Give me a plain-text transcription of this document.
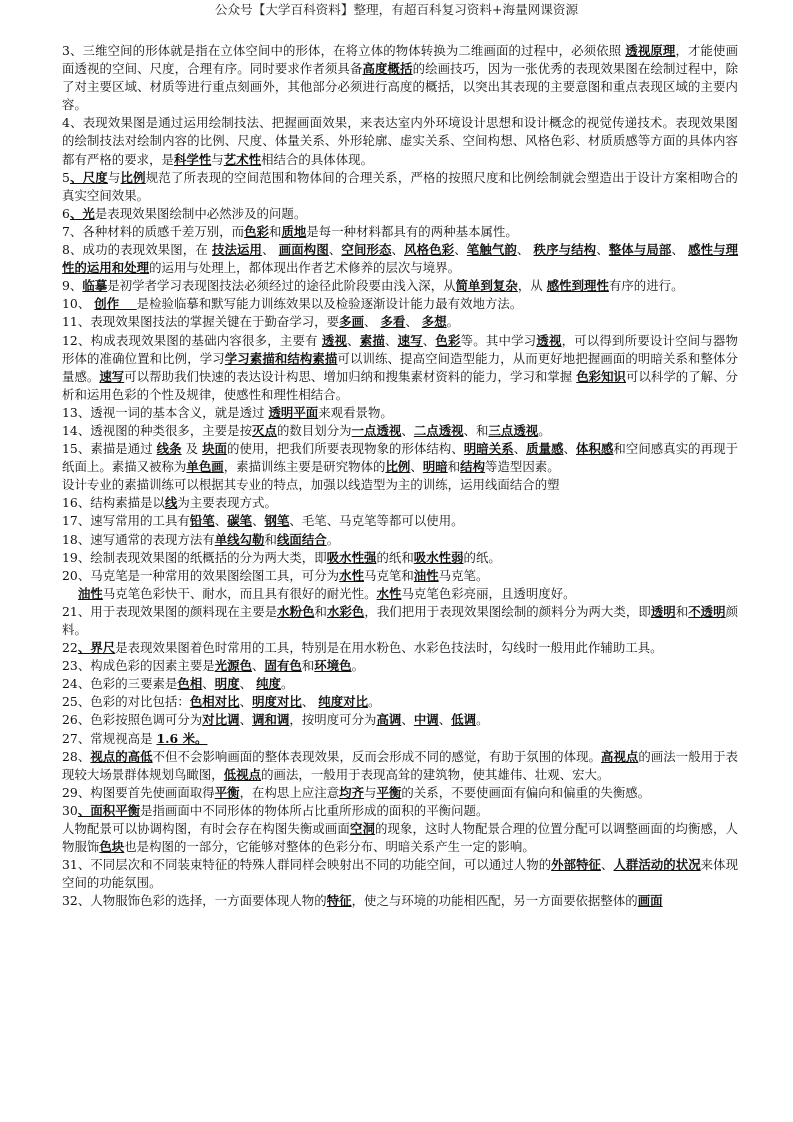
公众号【大学百科资料】整理，有超百科复习资料+海量网课资源

3、三维空间的形体就是指在立体空间中的形体，在将立体的物体转换为二维画面的过程中，必须依照 透视原理，才能使画面透视的空间、尺度，合理有序。同时要求作者须具备高度概括的绘画技巧，因为一张优秀的表现效果图在绘制过程中，除了对主要区域、材质等进行重点刻画外，其他部分必须进行高度的概括，以突出其表现的主要意图和重点表现区域的主要内容。

4、表现效果图是通过运用绘制技法、把握画面效果，来表达室内外环境设计思想和设计概念的视觉传递技术。表现效果图的绘制技法对绘制内容的比例、尺度、体量关系、外形轮廓、虚实关系、空间构想、风格色彩、材质质感等方面的具体内容都有严格的要求，是科学性与艺术性相结合的具体体现。

5、尺度与比例规范了所表现的空间范围和物体间的合理关系，严格的按照尺度和比例绘制就会塑造出于设计方案相吻合的真实空间效果。

6、光是表现效果图绘制中必然涉及的问题。

7、各种材料的质感千差万别，而色彩和质地是每一种材料都具有的两种基本属性。

8、成功的表现效果图，在 技法运用、 画面构图、空间形态、风格色彩、笔触气韵、 秩序与结构、整体与局部、 感性与理性的运用和处理的运用与处理上，都体现出作者艺术修养的层次与境界。

9、临摹是初学者学习表现图技法必须经过的途径此阶段要由浅入深，从简单到复杂，从 感性到理性有序的进行。

10、 创作    是检验临摹和默写能力训练效果以及检验逐渐设计能力最有效地方法。

11、表现效果图技法的掌握关键在于勤奋学习，要多画、 多看、 多想。

12、构成表现效果图的基础内容很多，主要有 透视、素描、速写、色彩等。其中学习透视，可以得到所要设计空间与器物形体的准确位置和比例，学习学习素描和结构素描可以训练、提高空间造型能力，从而更好地把握画面的明暗关系和整体分量感。速写可以帮助我们快速的表达设计构思、增加归纳和搜集素材资料的能力，学习和掌握 色彩知识可以科学的了解、分析和运用色彩的个性及规律，使感性和理性相结合。

13、透视一词的基本含义，就是透过 透明平面来观看景物。

14、透视图的种类很多，主要是按灭点的数目划分为一点透视、二点透视、和三点透视。

15、素描是通过 线条 及 块面的使用，把我们所要表现物象的形体结构、明暗关系、质量感、体积感和空间感真实的再现于纸面上。素描又被称为单色画，素描训练主要是研究物体的比例、明暗和结构等造型因素。

设计专业的素描训练可以根据其专业的特点，加强以线造型为主的训练，运用线面结合的塑

16、结构素描是以线为主要表现方式。

17、速写常用的工具有铅笔、碳笔、钢笔、毛笔、马克笔等都可以使用。

18、速写通常的表现方法有单线勾勒和线面结合。

19、绘制表现效果图的纸概括的分为两大类，即吸水性强的纸和吸水性弱的纸。

20、马克笔是一种常用的效果图绘图工具，可分为水性马克笔和油性马克笔。

油性马克笔色彩快干、耐水，而且具有很好的耐光性。水性马克笔色彩亮丽，且透明度好。

21、用于表现效果图的颜料现在主要是水粉色和水彩色，我们把用于表现效果图绘制的颜料分为两大类，即透明和不透明颜料。

22、界尺是表现效果图着色时常用的工具，特别是在用水粉色、水彩色技法时，勾线时一般用此作辅助工具。

23、构成色彩的因素主要是光源色、固有色和环境色。

24、色彩的三要素是色相、明度、 纯度。

25、色彩的对比包括：色相对比、明度对比、 纯度对比。

26、色彩按照色调可分为对比调、调和调，按明度可分为高调、中调、低调。

27、常规视高是 1.6 米。

28、视点的高低不但不会影响画面的整体表现效果，反而会形成不同的感觉，有助于氛围的体现。高视点的画法一般用于表现较大场景群体规划鸟瞰图，低视点的画法，一般用于表现高耸的建筑物，使其雄伟、壮观、宏大。

29、构图要首先使画面取得平衡，在构思上应注意均齐与平衡的关系，不要使画面有偏向和偏重的失衡感。

30、面积平衡是指画面中不同形体的物体所占比重所形成的面积的平衡问题。

人物配景可以协调构图，有时会存在构图失衡或画面空洞的现象，这时人物配景合理的位置分配可以调整画面的均衡感，人物服饰色块也是构图的一部分，它能够对整体的色彩分布、明暗关系产生一定的影响。

31、不同层次和不同装束特征的特殊人群同样会映射出不同的功能空间，可以通过人物的外部特征、人群活动的状况来体现空间的功能氛围。

32、人物服饰色彩的选择，一方面要体现人物的特征，使之与环境的功能相匹配，另一方面要依据整体的画面
